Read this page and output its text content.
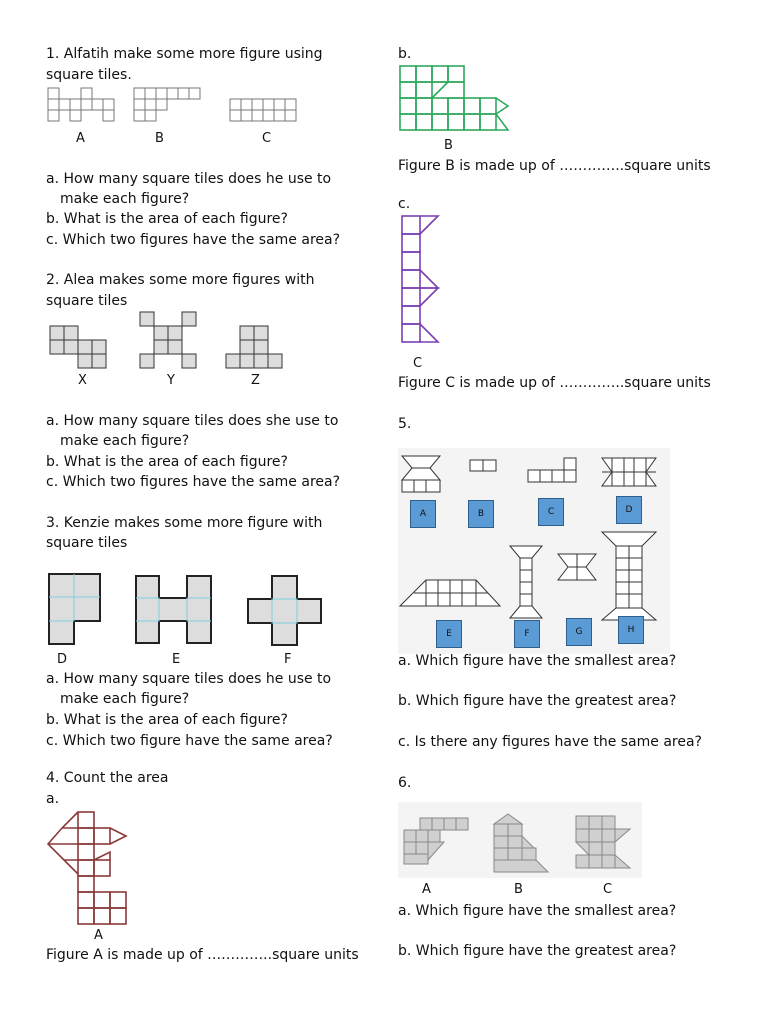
1. Alfatih make some more figure using
square tiles.
A	B	C
a. How many square tiles does he use to
make each figure?
b. What is the area of each figure?
c. Which two figures have the same area?
2. Alea makes some more figures with
square tiles
X	Y	Z
a. How many square tiles does she use to
make each figure?
b. What is the area of each figure?
c. Which two figures have the same area?
3. Kenzie makes some more figure with
square tiles
D	E	F
a. How many square tiles does he use to
make each figure?
b. What is the area of each figure?
c. Which two figure have the same area?
4. Count the area
a.
A
Figure A is made up of …………..square units
b.
B
Figure B is made up of …………..square units
c.
C
Figure C is made up of …………..square units
5.
A	B	C	D
E	F	G	H
a. Which figure have the smallest area?
b. Which figure have the greatest area?
c. Is there any figures have the same area?
6.
A	B	C
a. Which figure have the smallest area?
b. Which figure have the greatest area?
